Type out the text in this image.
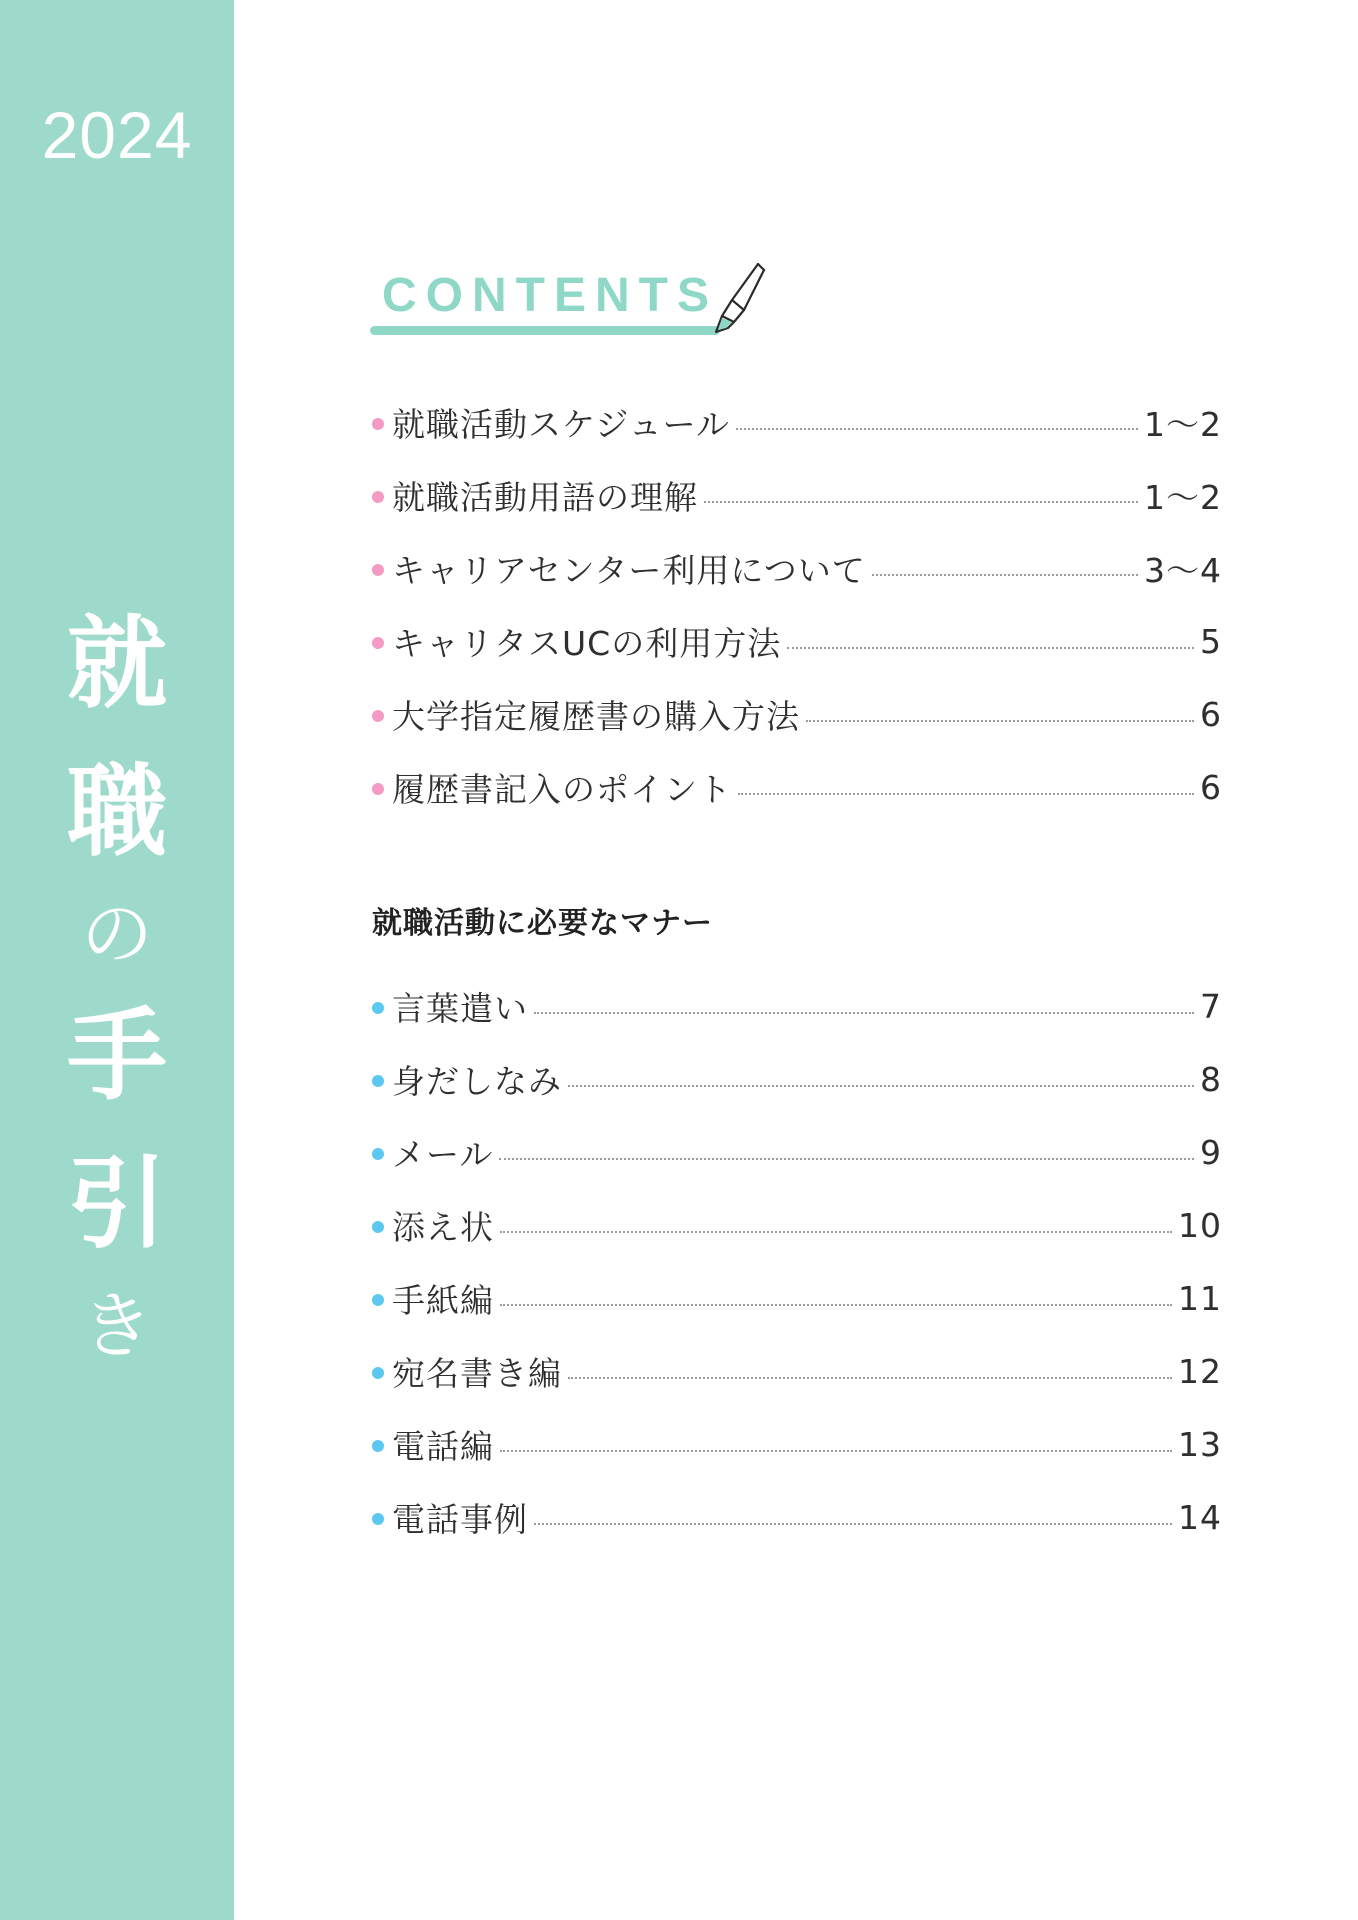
2024
就
職
の
手
引
き
CONTENTS
就職活動スケジュール	1～2
就職活動用語の理解	1～2
キャリアセンター利用について	3～4
キャリタスUCの利用方法	5
大学指定履歴書の購入方法	6
履歴書記入のポイント	6
就職活動に必要なマナー
言葉遣い	7
身だしなみ	8
メール	9
添え状	10
手紙編	11
宛名書き編	12
電話編	13
電話事例	14
